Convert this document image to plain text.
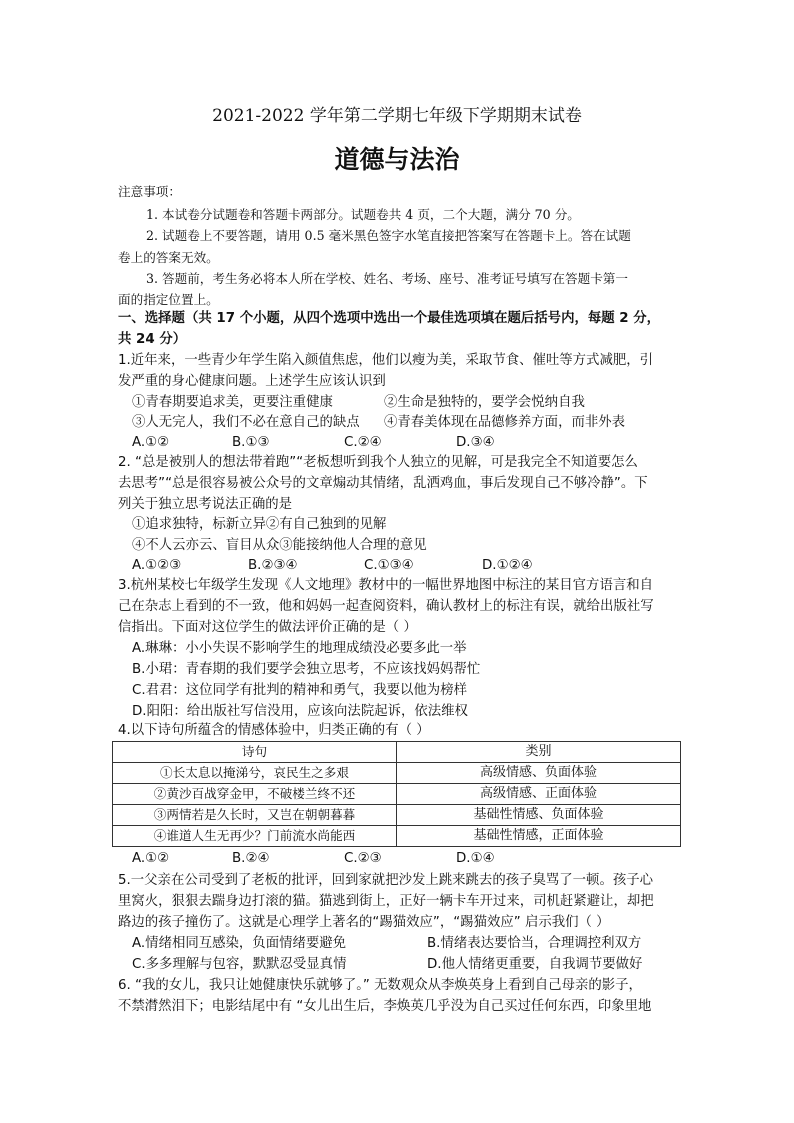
2021-2022 学年第二学期七年级下学期期末试卷
道德与法治
注意事项：
1. 本试卷分试题卷和答题卡两部分。试题卷共 4 页，二个大题，满分 70 分。
2. 试题卷上不要答题，请用 0.5 毫米黑色签字水笔直接把答案写在答题卡上。答在试题
卷上的答案无效。
3. 答题前，考生务必将本人所在学校、姓名、考场、座号、准考证号填写在答题卡第一
面的指定位置上。
一、选择题（共 17 个小题，从四个选项中选出一个最佳选项填在题后括号内，每题 2 分，
共 24 分）
1.近年来，一些青少年学生陷入颜值焦虑，他们以瘦为美，采取节食、催吐等方式减肥，引
发严重的身心健康问题。上述学生应该认识到
①青春期要追求美，更要注重健康	②生命是独特的，要学会悦纳自我
③人无完人，我们不必在意自己的缺点 ④青春美体现在品德修养方面，而非外表
A.①②	B.①③	C.②④	D.③④
2. “总是被别人的想法带着跑”“老板想听到我个人独立的见解，可是我完全不知道要怎么
去思考”“总是很容易被公众号的文章煽动其情绪，乱洒鸡血，事后发现自己不够冷静”。下
列关于独立思考说法正确的是
①追求独特，标新立异②有自己独到的见解
④不人云亦云、盲目从众③能接纳他人合理的意见
A.①②③	B.②③④	C.①③④	D.①②④
3.杭州某校七年级学生发现《人文地理》教材中的一幅世界地图中标注的某目官方语言和自
己在杂志上看到的不一致，他和妈妈一起查阅资料，确认教材上的标注有误，就给出版社写
信指出。下面对这位学生的做法评价正确的是（ ）
A.琳琳：小小失误不影响学生的地理成绩没必要多此一举
B.小珺：青春期的我们要学会独立思考，不应该找妈妈帮忙
C.君君：这位同学有批判的精神和勇气，我要以他为榜样
D.阳阳：给出版社写信没用，应该向法院起诉，依法维权
4.以下诗句所蕴含的情感体验中，归类正确的有（ ）
诗句	类别
①长太息以掩涕兮，哀民生之多艰	高级情感、负面体验
②黄沙百战穿金甲，不破楼兰终不还	高级情感、正面体验
③两情若是久长时，又岂在朝朝暮暮	基础性情感、负面体验
④谁道人生无再少？门前流水尚能西	基础性情感，正面体验
A.①②	B.②④	C.②③	D.①④
5.一父亲在公司受到了老板的批评，回到家就把沙发上跳来跳去的孩子臭骂了一顿。孩子心
里窝火，狠狠去踹身边打滚的猫。猫逃到街上，正好一辆卡车开过来，司机赶紧避让，却把
路边的孩子撞伤了。这就是心理学上著名的“踢猫效应”，“踢猫效应” 启示我们（ ）
A.情绪相同互感染，负面情绪要避免	B.情绪表达要恰当，合理调控利双方
C.多多理解与包容，默默忍受显真情	D.他人情绪更重要，自我调节要做好
6. “我的女儿，我只让她健康快乐就够了。” 无数观众从李焕英身上看到自己母亲的影子，
不禁潸然泪下；电影结尾中有 “女儿出生后，李焕英几乎没为自己买过任何东西，印象里地
